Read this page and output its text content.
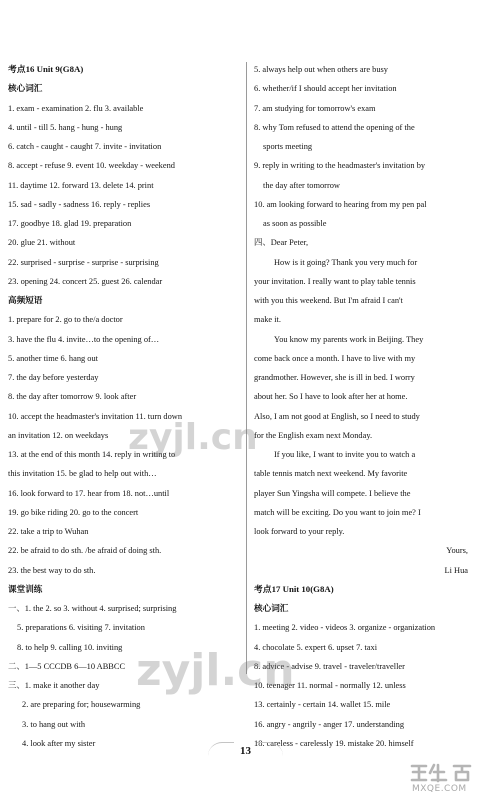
考点16 Unit 9(G8A)
核心词汇
1. exam - examination 2. flu 3. available
4. until - till 5. hang - hung - hung
6. catch - caught - caught 7. invite - invitation
8. accept - refuse 9. event 10. weekday - weekend
11. daytime 12. forward 13. delete 14. print
15. sad - sadly - sadness 16. reply - replies
17. goodbye 18. glad 19. preparation
20. glue 21. without
22. surprised - surprise - surprise - surprising
23. opening 24. concert 25. guest 26. calendar
高频短语
1. prepare for 2. go to the/a doctor
3. have the flu 4. invite…to the opening of…
5. another time 6. hang out
7. the day before yesterday
8. the day after tomorrow 9. look after
10. accept the headmaster's invitation 11. turn down
an invitation 12. on weekdays
13. at the end of this month 14. reply in writing to
this invitation 15. be glad to help out with…
16. look forward to 17. hear from 18. not…until
19. go bike riding 20. go to the concert
22. take a trip to Wuhan
22. be afraid to do sth. /be afraid of doing sth.
23. the best way to do sth.
课堂训练
一、1. the 2. so 3. without 4. surprised; surprising
5. preparations 6. visiting 7. invitation
8. to help 9. calling 10. inviting
二、1—5 CCCDB 6—10 ABBCC
三、1. make it another day
2. are preparing for; housewarming
3. to hang out with
4. look after my sister
5. always help out when others are busy
6. whether/if I should accept her invitation
7. am studying for tomorrow's exam
8. why Tom refused to attend the opening of the
sports meeting
9. reply in writing to the headmaster's invitation by
the day after tomorrow
10. am looking forward to hearing from my pen pal
as soon as possible
四、Dear Peter,
How is it going? Thank you very much for
your invitation. I really want to play table tennis
with you this weekend. But I'm afraid I can't
make it.
You know my parents work in Beijing. They
come back once a month. I have to live with my
grandmother. However, she is ill in bed. I worry
about her. So I have to look after her at home.
Also, I am not good at English, so I need to study
for the English exam next Monday.
If you like, I want to invite you to watch a
table tennis match next weekend. My favorite
player Sun Yingsha will compete. I believe the
match will be exciting. Do you want to join me? I
look forward to your reply.
Yours,
Li Hua
考点17 Unit 10(G8A)
核心词汇
1. meeting 2. video - videos 3. organize - organization
4. chocolate 5. expert 6. upset 7. taxi
8. advice - advise 9. travel - traveler/traveller
10. teenager 11. normal - normally 12. unless
13. certainly - certain 14. wallet 15. mile
16. angry - angrily - anger 17. understanding
18. careless - carelessly 19. mistake 20. himself
zyjl.cn
zyjl.cn
13
MXQE.COM
